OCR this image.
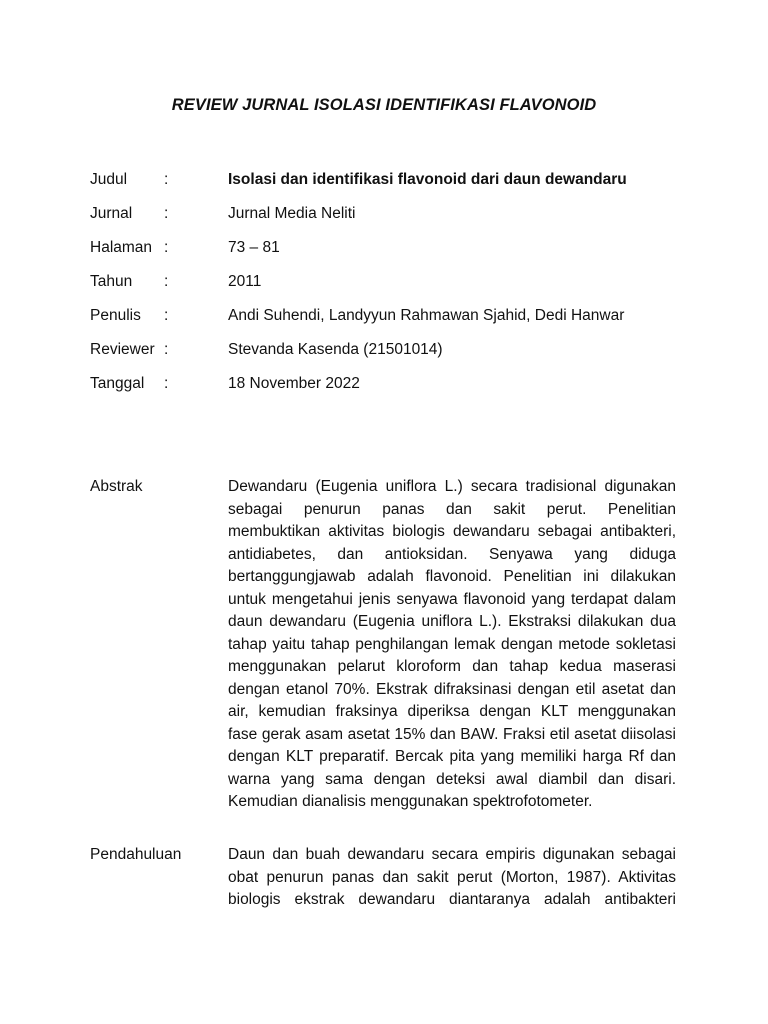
REVIEW JURNAL ISOLASI IDENTIFIKASI FLAVONOID
Judul :	Isolasi dan identifikasi flavonoid dari daun dewandaru
Jurnal :	Jurnal Media Neliti
Halaman :	73 – 81
Tahun :	2011
Penulis :	Andi Suhendi, Landyyun Rahmawan Sjahid, Dedi Hanwar
Reviewer :	Stevanda Kasenda (21501014)
Tanggal :	18 November 2022
Abstrak	Dewandaru (Eugenia uniflora L.) secara tradisional digunakan
sebagai penurun panas dan sakit perut. Penelitian
membuktikan aktivitas biologis dewandaru sebagai antibakteri,
antidiabetes, dan antioksidan. Senyawa yang diduga
bertanggungjawab adalah flavonoid. Penelitian ini dilakukan
untuk mengetahui jenis senyawa flavonoid yang terdapat dalam
daun dewandaru (Eugenia uniflora L.). Ekstraksi dilakukan dua
tahap yaitu tahap penghilangan lemak dengan metode sokletasi
menggunakan pelarut kloroform dan tahap kedua maserasi
dengan etanol 70%. Ekstrak difraksinasi dengan etil asetat dan
air, kemudian fraksinya diperiksa dengan KLT menggunakan
fase gerak asam asetat 15% dan BAW. Fraksi etil asetat diisolasi
dengan KLT preparatif. Bercak pita yang memiliki harga Rf dan
warna yang sama dengan deteksi awal diambil dan disari.
Kemudian dianalisis menggunakan spektrofotometer.
Pendahuluan	Daun dan buah dewandaru secara empiris digunakan sebagai
obat penurun panas dan sakit perut (Morton, 1987). Aktivitas
biologis ekstrak dewandaru diantaranya adalah antibakteri
